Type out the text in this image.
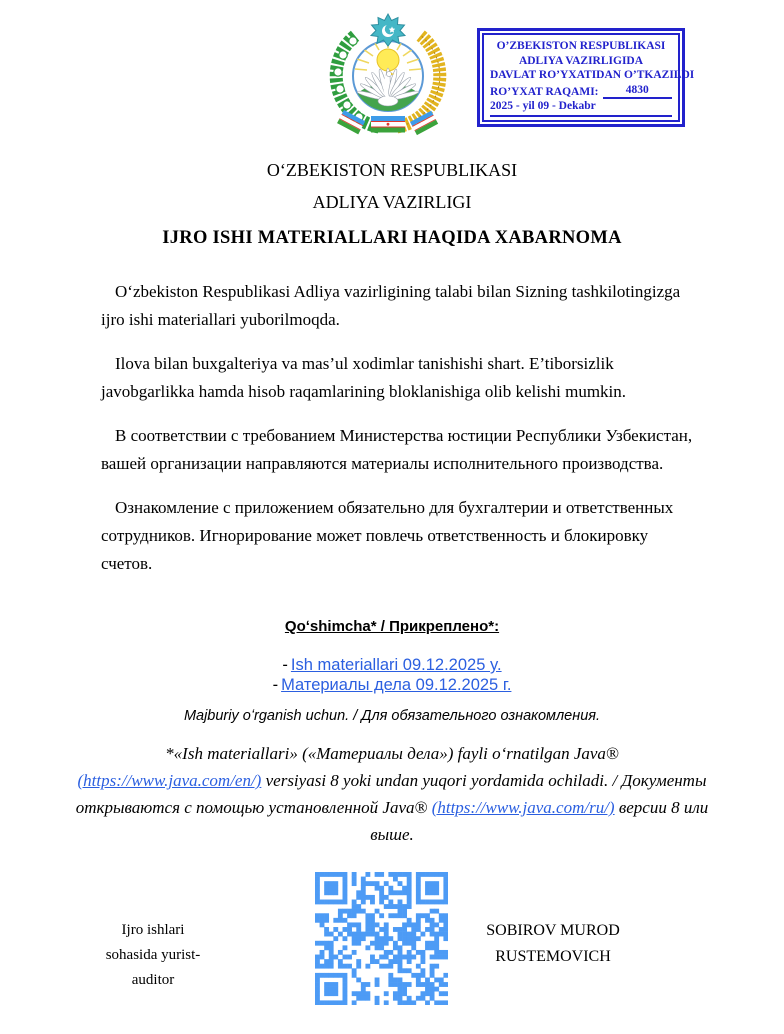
O’ZBEKISTON RESPUBLIKASI
ADLIYA VAZIRLIGIDA
DAVLAT RO’YXATIDAN O’TKAZILDI
RO’YXAT RAQAMI:	4830
2025 - yil 09 - Dekabr
OʻZBEKISTON RESPUBLIKASI
ADLIYA VAZIRLIGI
IJRO ISHI MATERIALLARI HAQIDA XABARNOMA

Oʻzbekiston Respublikasi Adliya vazirligining talabi bilan Sizning tashkilotingizga ijro ishi materiallari yuborilmoqda.

Ilova bilan buxgalteriya va mas’ul xodimlar tanishishi shart. E’tiborsizlik javobgarlikka hamda hisob raqamlarining bloklanishiga olib kelishi mumkin.

В соответствии с требованием Министерства юстиции Республики Узбекистан, вашей организации направляются материалы исполнительного производства.

Ознакомление с приложением обязательно для бухгалтерии и ответственных сотрудников. Игнорирование может повлечь ответственность и блокировку счетов.

Qoʻshimcha* / Прикреплено*:
- Ish materiallari 09.12.2025 y.
- Материалы дела 09.12.2025 г.
Majburiy oʻrganish uchun. / Для обязательного ознакомления.
*«Ish materiallari» («Материалы дела») fayli oʻrnatilgan Java® (https://www.java.com/en/) versiyasi 8 yoki undan yuqori yordamida ochiladi. / Документы открываются с помощью установленной Java® (https://www.java.com/ru/) версии 8 или выше.
Ijro ishlari
sohasida yurist-
auditor
SOBIROV MUROD
RUSTEMOVICH
